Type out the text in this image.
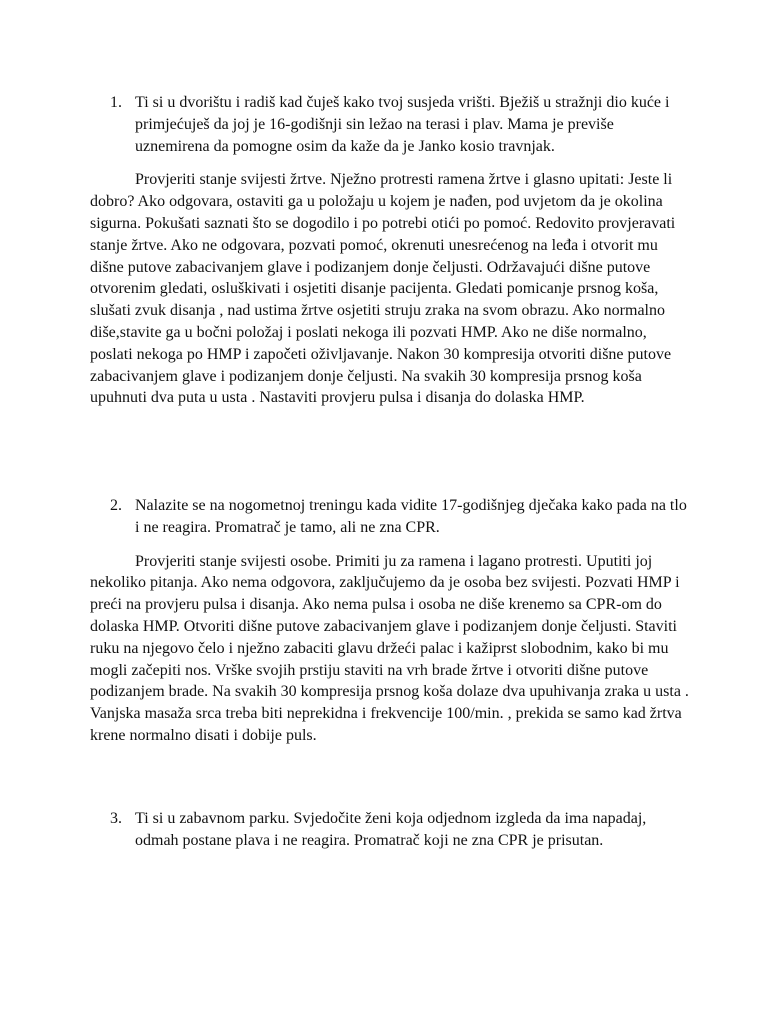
1. Ti si u dvorištu i radiš kad čuješ kako tvoj susjeda vrišti. Bježiš u stražnji dio kuće i primjećuješ da joj je 16-godišnji sin ležao na terasi i plav. Mama je previše uznemirena da pomogne osim da kaže da je Janko kosio travnjak.

Provjeriti stanje svijesti žrtve. Nježno protresti ramena žrtve i glasno upitati: Jeste li dobro? Ako odgovara, ostaviti ga u položaju u kojem je nađen, pod uvjetom da je okolina sigurna. Pokušati saznati što se dogodilo i po potrebi otići po pomoć. Redovito provjeravati stanje žrtve. Ako ne odgovara, pozvati pomoć, okrenuti unesrećenog na leđa i otvorit mu dišne putove zabacivanjem glave i podizanjem donje čeljusti. Održavajući dišne putove otvorenim gledati, osluškivati i osjetiti disanje pacijenta. Gledati pomicanje prsnog koša, slušati zvuk disanja , nad ustima žrtve osjetiti struju zraka na svom obrazu. Ako normalno diše,stavite ga u bočni položaj i poslati nekoga ili pozvati HMP. Ako ne diše normalno, poslati nekoga po HMP i započeti oživljavanje. Nakon 30 kompresija otvoriti dišne putove zabacivanjem glave i podizanjem donje čeljusti. Na svakih 30 kompresija prsnog koša upuhnuti dva puta u usta . Nastaviti provjeru pulsa i disanja do dolaska HMP.

2. Nalazite se na nogometnoj treningu kada vidite 17-godišnjeg dječaka kako pada na tlo i ne reagira. Promatrač je tamo, ali ne zna CPR.

Provjeriti stanje svijesti osobe. Primiti ju za ramena i lagano protresti. Uputiti joj nekoliko pitanja. Ako nema odgovora, zaključujemo da je osoba bez svijesti. Pozvati HMP i preći na provjeru pulsa i disanja. Ako nema pulsa i osoba ne diše krenemo sa CPR-om do dolaska HMP. Otvoriti dišne putove zabacivanjem glave i podizanjem donje čeljusti. Staviti ruku na njegovo čelo i nježno zabaciti glavu držeći palac i kažiprst slobodnim, kako bi mu mogli začepiti nos. Vrške svojih prstiju staviti na vrh brade žrtve i otvoriti dišne putove podizanjem brade. Na svakih 30 kompresija prsnog koša dolaze dva upuhivanja zraka u usta . Vanjska masaža srca treba biti neprekidna i frekvencije 100/min. , prekida se samo kad žrtva krene normalno disati i dobije puls.

3. Ti si u zabavnom parku. Svjedočite ženi koja odjednom izgleda da ima napadaj, odmah postane plava i ne reagira. Promatrač koji ne zna CPR je prisutan.
